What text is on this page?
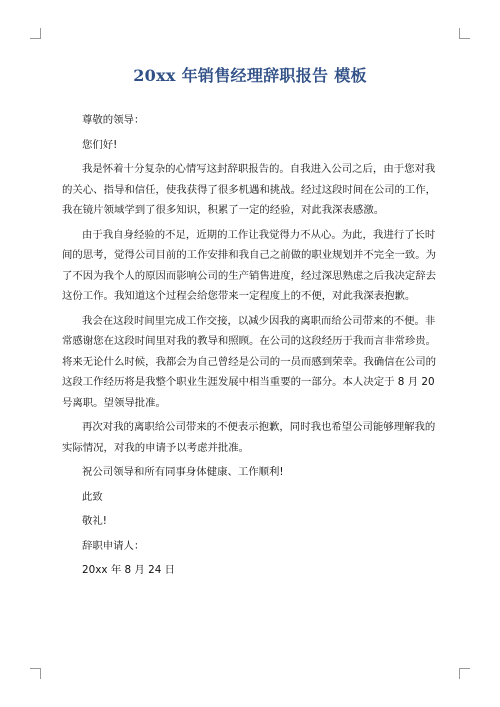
20xx 年销售经理辞职报告 模板

尊敬的领导：

您们好!

我是怀着十分复杂的心情写这封辞职报告的。自我进入公司之后，由于您对我的关心、指导和信任，使我获得了很多机遇和挑战。经过这段时间在公司的工作，我在镜片领域学到了很多知识，积累了一定的经验，对此我深表感激。

由于我自身经验的不足，近期的工作让我觉得力不从心。为此，我进行了长时间的思考，觉得公司目前的工作安排和我自己之前做的职业规划并不完全一致。为了不因为我个人的原因而影响公司的生产销售进度，经过深思熟虑之后我决定辞去这份工作。我知道这个过程会给您带来一定程度上的不便，对此我深表抱歉。

我会在这段时间里完成工作交接，以减少因我的离职而给公司带来的不便。非常感谢您在这段时间里对我的教导和照顾。在公司的这段经历于我而言非常珍贵。将来无论什么时候，我都会为自己曾经是公司的一员而感到荣幸。我确信在公司的这段工作经历将是我整个职业生涯发展中相当重要的一部分。本人决定于 8 月 20 号离职。望领导批准。

再次对我的离职给公司带来的不便表示抱歉，同时我也希望公司能够理解我的实际情况，对我的申请予以考虑并批准。

祝公司领导和所有同事身体健康、工作顺利!

此致

敬礼!

辞职申请人：

20xx 年 8 月 24 日
